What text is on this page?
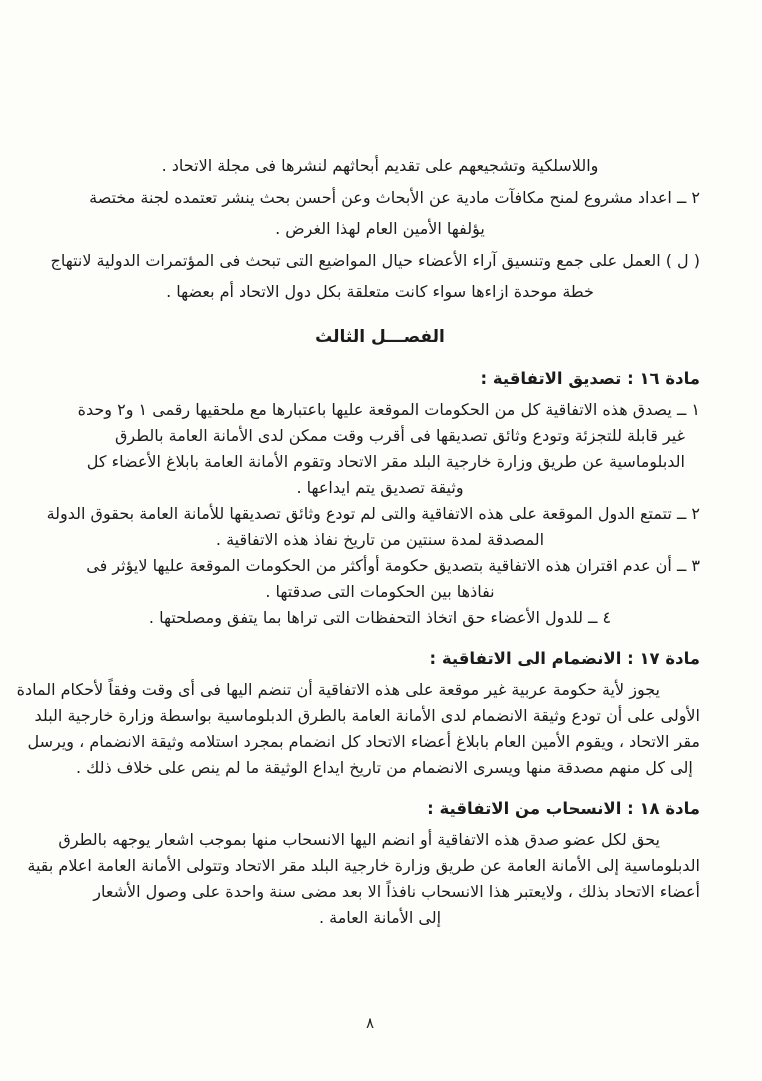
واللاسلكية وتشجيعهم على تقديم أبحاثهم لنشرها فى مجلة الاتحاد .
٢ ــ اعداد مشروع لمنح مكافآت مادية عن الأبحاث وعن أحسن بحث ينشر تعتمده لجنة مختصة
يؤلفها الأمين العام لهذا الغرض .
( ل ) العمل على جمع وتنسيق آراء الأعضاء حيال المواضيع التى تبحث فى المؤتمرات الدولية لانتهاج
خطة موحدة ازاءها سواء كانت متعلقة بكل دول الاتحاد أم بعضها .
الفصـــل الثالث
مادة ١٦ : تصديق الاتفاقية :
١ ــ يصدق هذه الاتفاقية كل من الحكومات الموقعة عليها باعتبارها مع ملحقيها رقمى ١ و٢ وحدة
غير قابلة للتجزئة وتودع وثائق تصديقها فى أقرب وقت ممكن لدى الأمانة العامة بالطرق
الدبلوماسية عن طريق وزارة خارجية البلد مقر الاتحاد وتقوم الأمانة العامة بابلاغ الأعضاء كل
وثيقة تصديق يتم ايداعها .
٢ ــ تتمتع الدول الموقعة على هذه الاتفاقية والتى لم تودع وثائق تصديقها للأمانة العامة بحقوق الدولة
المصدقة لمدة سنتين من تاريخ نفاذ هذه الاتفاقية .
٣ ــ أن عدم اقتران هذه الاتفاقية بتصديق حكومة أوأكثر من الحكومات الموقعة عليها لايؤثر فى
نفاذها بين الحكومات التى صدقتها .
٤ ــ للدول الأعضاء حق اتخاذ التحفظات التى تراها بما يتفق ومصلحتها .
مادة ١٧ : الانضمام الى الاتفاقية :
يجوز لأية حكومة عربية غير موقعة على هذه الاتفاقية أن تنضم اليها فى أى وقت وفقاً لأحكام المادة
الأولى على أن تودع وثيقة الانضمام لدى الأمانة العامة بالطرق الدبلوماسية بواسطة وزارة خارجية البلد
مقر الاتحاد ، ويقوم الأمين العام بابلاغ أعضاء الاتحاد كل انضمام بمجرد استلامه وثيقة الانضمام ، ويرسل
إلى كل منهم مصدقة منها ويسرى الانضمام من تاريخ ايداع الوثيقة ما لم ينص على خلاف ذلك .
مادة ١٨ : الانسحاب من الاتفاقية :
يحق لكل عضو صدق هذه الاتفاقية أو انضم اليها الانسحاب منها بموجب اشعار يوجهه بالطرق
الدبلوماسية إلى الأمانة العامة عن طريق وزارة خارجية البلد مقر الاتحاد وتتولى الأمانة العامة اعلام بقية
أعضاء الاتحاد بذلك ، ولايعتبر هذا الانسحاب نافذاً الا بعد مضى سنة واحدة على وصول الأشعار
إلى الأمانة العامة .
٨
